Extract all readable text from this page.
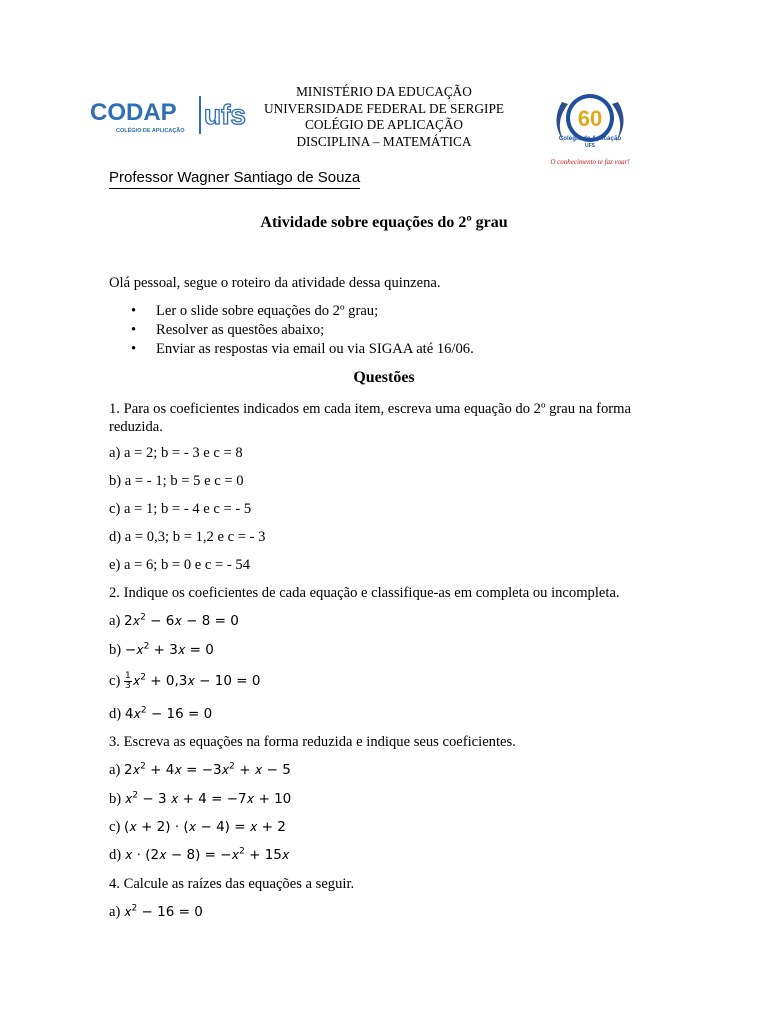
CODAP
COLÉGIO DE APLICAÇÃO
ufs
MINISTÉRIO DA EDUCAÇÃO
UNIVERSIDADE FEDERAL DE SERGIPE
COLÉGIO DE APLICAÇÃO
DISCIPLINA – MATEMÁTICA
60
Colégio de Aplicação
UFS
O conhecimento te faz voar!
Professor Wagner Santiago de Souza
Atividade sobre equações do 2º grau
Olá pessoal, segue o roteiro da atividade dessa quinzena.
• Ler o slide sobre equações do 2º grau;
• Resolver as questões abaixo;
• Enviar as respostas via email ou via SIGAA até 16/06.
Questões
1. Para os coeficientes indicados em cada item, escreva uma equação do 2º grau na forma
reduzida.
a) a = 2; b = - 3 e c = 8
b) a = - 1; b = 5 e c = 0
c) a = 1; b = - 4 e c = - 5
d) a = 0,3; b = 1,2 e c = - 3
e) a = 6; b = 0 e c = - 54
2. Indique os coeficientes de cada equação e classifique-as em completa ou incompleta.
a) 2𝑥$^2$ − 6𝑥 − 8 = 0
b) −𝑥$^2$ + 3𝑥 = 0
$c) \frac{1}{3}$ 𝑥$^2$ + 0,3𝑥 − 10 = 0
d) 4𝑥$^2$ − 16 = 0
3. Escreva as equações na forma reduzida e indique seus coeficientes.
a) 2𝑥$^2$ + 4𝑥 = −3𝑥$^2$ + 𝑥 − 5
b) 𝑥$^2$ − 3 𝑥 + 4 = −7𝑥 + 10
c) (𝑥 + 2) ⋅ (𝑥 − 4) = 𝑥 + 2
d) 𝑥 ⋅ (2𝑥 − 8) = −𝑥$^2$ + 15𝑥
4. Calcule as raízes das equações a seguir.
a) 𝑥$^2$ − 16 = 0
